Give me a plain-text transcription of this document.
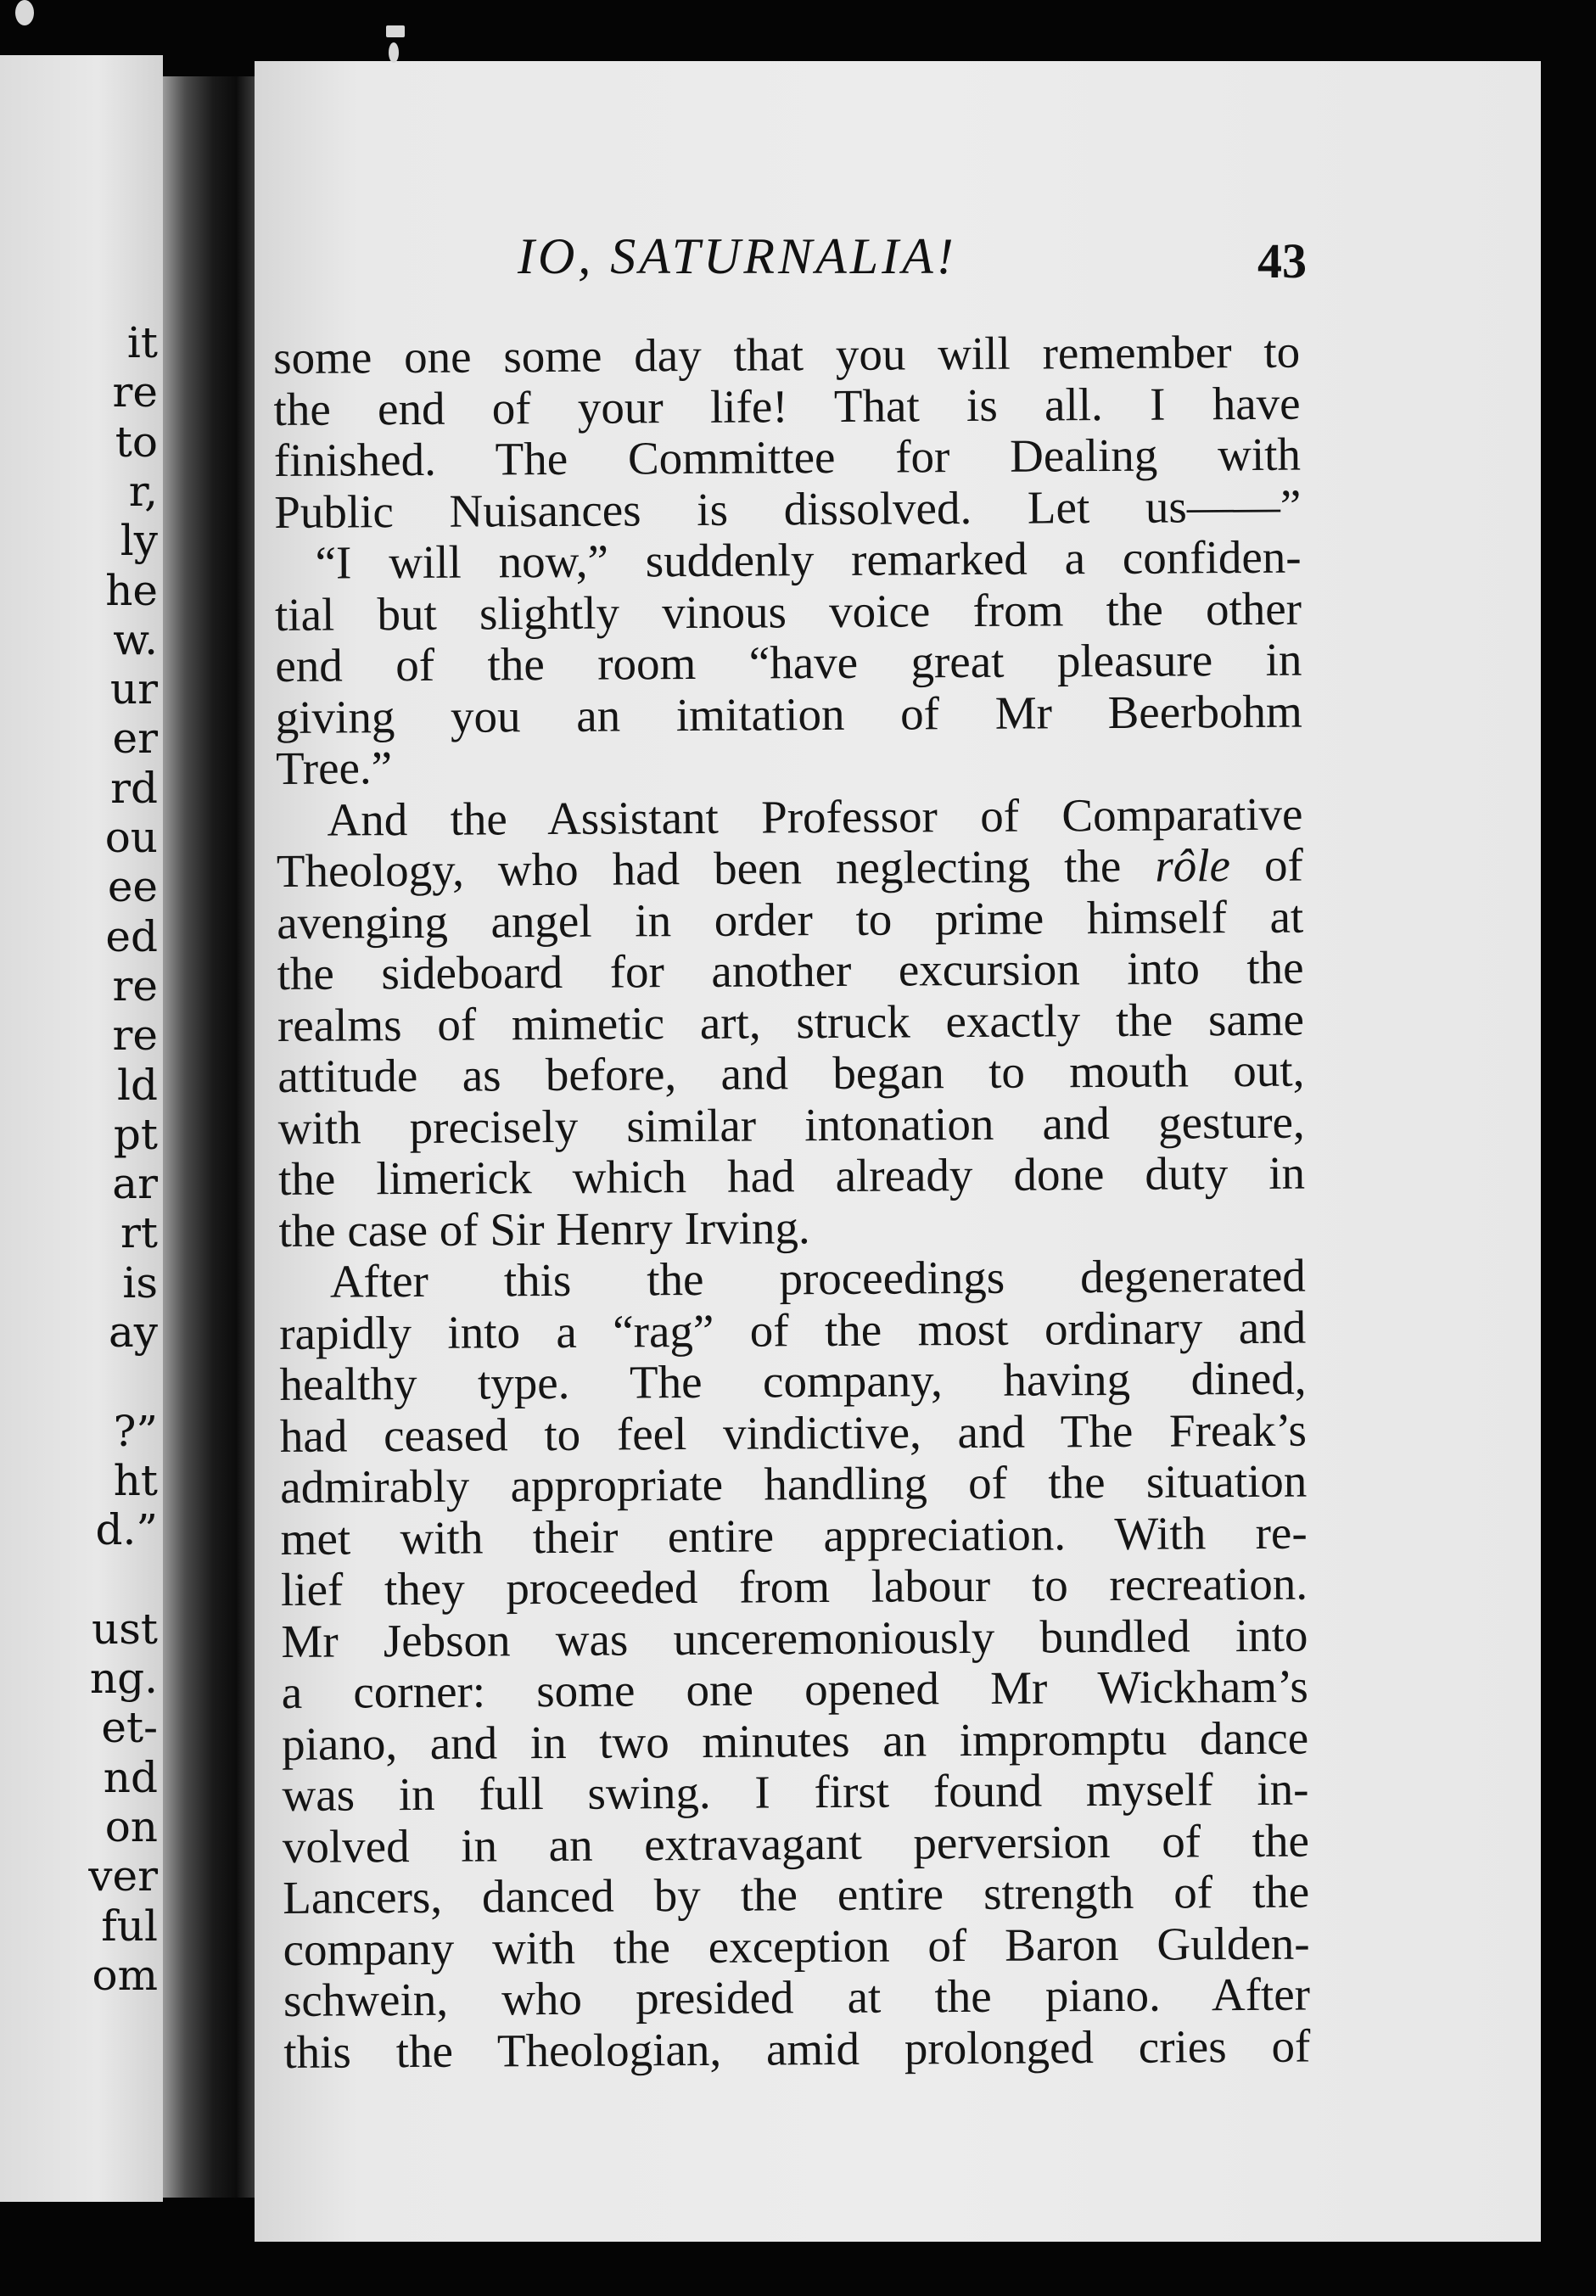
it
re
to
r,
ly
he
w.
ur
er
rd
ou
ee
ed
re
re
ld
pt
ar
rt
is
ay
?”
ht
d.”
ust
ng.
et-
nd
on
ver
ful
om
IO, SATURNALIA!	43
some one some day that you will remember to
the end of your life! That is all. I have
finished. The Committee for Dealing with
Public Nuisances is dissolved. Let us——”
“I will now,” suddenly remarked a confiden-
tial but slightly vinous voice from the other
end of the room “have great pleasure in
giving you an imitation of Mr Beerbohm
Tree.”
And the Assistant Professor of Comparative
Theology, who had been neglecting the rôle of
avenging angel in order to prime himself at
the sideboard for another excursion into the
realms of mimetic art, struck exactly the same
attitude as before, and began to mouth out,
with precisely similar intonation and gesture,
the limerick which had already done duty in
the case of Sir Henry Irving.
After this the proceedings degenerated
rapidly into a “rag” of the most ordinary and
healthy type. The company, having dined,
had ceased to feel vindictive, and The Freak’s
admirably appropriate handling of the situation
met with their entire appreciation. With re-
lief they proceeded from labour to recreation.
Mr Jebson was unceremoniously bundled into
a corner: some one opened Mr Wickham’s
piano, and in two minutes an impromptu dance
was in full swing. I first found myself in-
volved in an extravagant perversion of the
Lancers, danced by the entire strength of the
company with the exception of Baron Gulden-
schwein, who presided at the piano. After
this the Theologian, amid prolonged cries of
